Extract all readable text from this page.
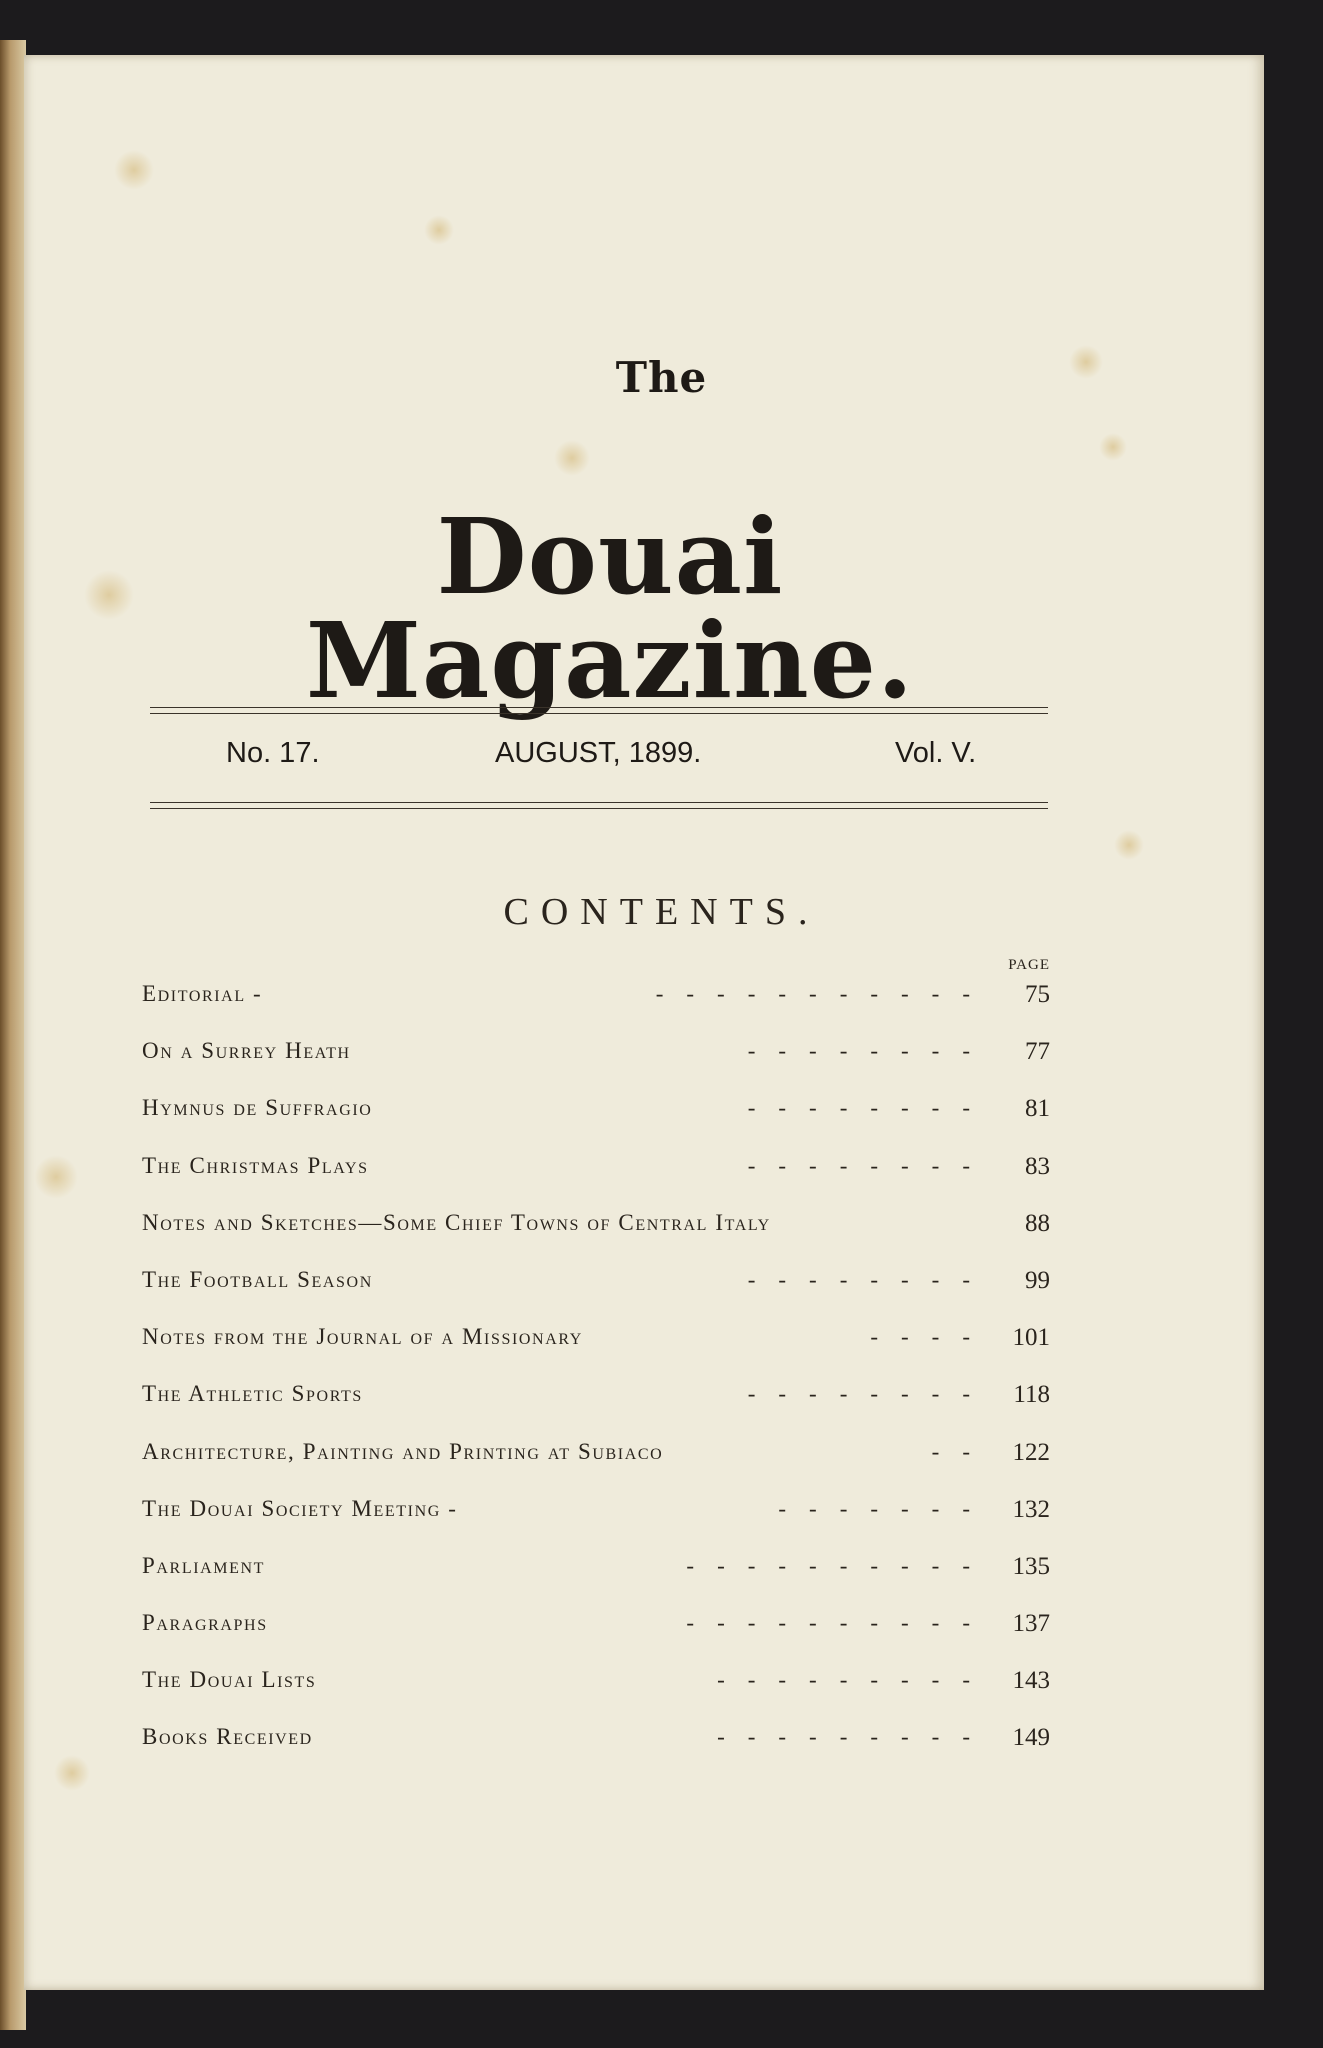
The
Douai Magazine.
No. 17.	AUGUST, 1899.	Vol. V.
CONTENTS.
PAGE
Editorial -	-    -    -    -    -    -    -    -    -    -    -	75
On a Surrey Heath	-    -    -    -    -    -    -    -	77
Hymnus de Suffragio	-    -    -    -    -    -    -    -	81
The Christmas Plays	-    -    -    -    -    -    -    -	83
Notes and Sketches—Some Chief Towns of Central Italy	88
The Football Season	-    -    -    -    -    -    -    -	99
Notes from the Journal of a Missionary	-    -    -    -	101
The Athletic Sports	-    -    -    -    -    -    -    -	118
Architecture, Painting and Printing at Subiaco	-    -	122
The Douai Society Meeting -	-    -    -    -    -    -    -	132
Parliament	-    -    -    -    -    -    -    -    -    -	135
Paragraphs	-    -    -    -    -    -    -    -    -    -	137
The Douai Lists	-    -    -    -    -    -    -    -    -	143
Books Received	-    -    -    -    -    -    -    -    -	149
